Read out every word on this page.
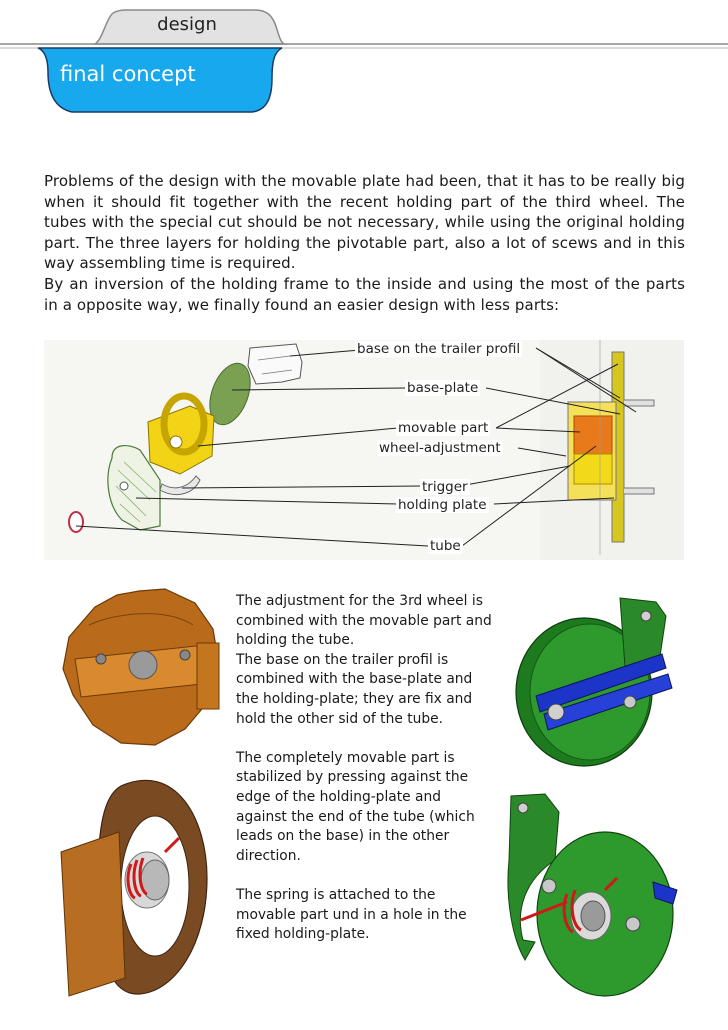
design
final concept

Problems of the design with the movable plate had been, that it has to be really big when it should fit together with the recent holding part of the third wheel. The tubes with the special cut should be not necessary, while using the original holding part. The three layers for holding the pivotable part, also a lot of scews and in this way assembling time is required.

By an inversion of the holding frame to the inside and using the most of the parts in a opposite way, we finally found an easier design with less parts:

base on the trailer profil
base-plate
movable part
wheel-adjustment
trigger
holding plate
tube

The adjustment for the 3rd wheel is combined with the movable part and holding the tube.

The base on the trailer profil is combined with the base-plate and the holding-plate; they are fix and hold the other sid of the tube.

The completely movable part is stabilized by pressing against the edge of the holding-plate and against the end of the tube (which leads on the base) in the other direction.

The spring is attached to the movable part und in a hole in the fixed holding-plate.
